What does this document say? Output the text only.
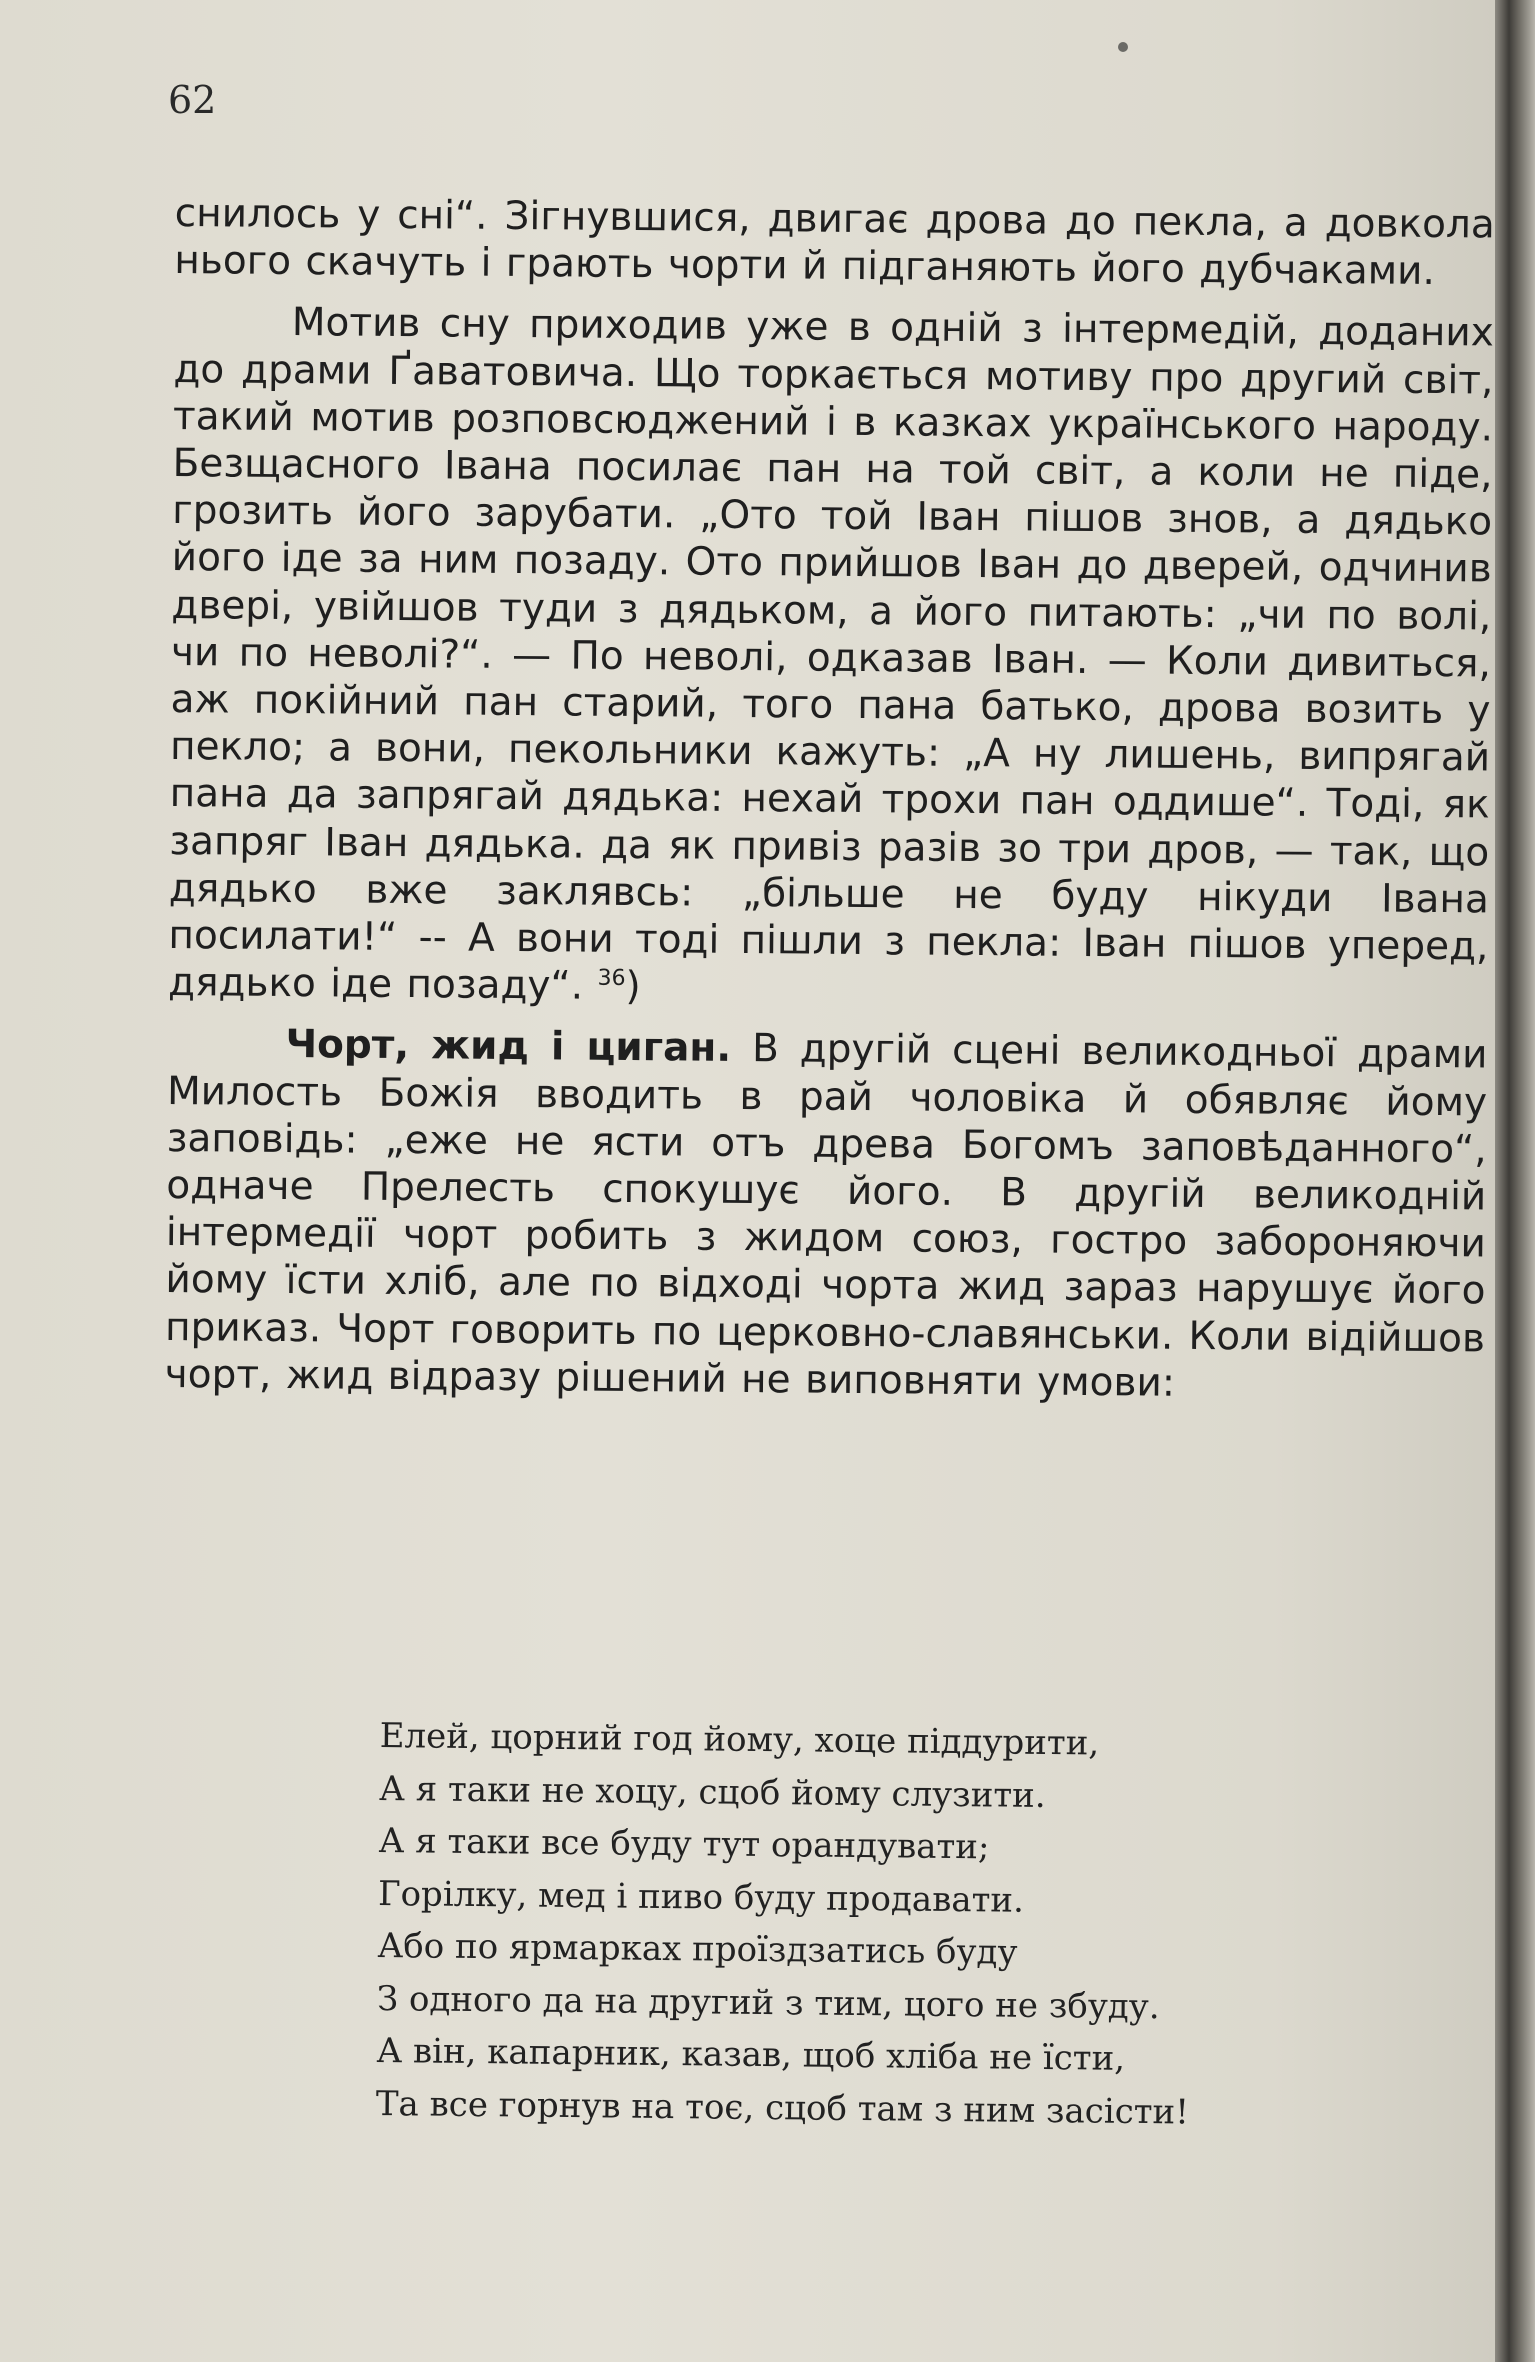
62

снилось у сні“. Зігнувшися, двигає дрова до пекла, а довкола нього скачуть і грають чорти й підганяють його дубчаками.

Мотив сну приходив уже в одній з інтермедій, доданих до драми Ґаватовича. Що торкається мотиву про другий світ, такий мотив розповсюджений і в казках українського народу. Безщасного Івана посилає пан на той світ, а коли не піде, грозить його зарубати. „Ото той Іван пішов знов, а дядько його іде за ним позаду. Ото прийшов Іван до дверей, одчинив двері, увійшов туди з дядьком, а його питають: „чи по волі, чи по неволі?“. — По неволі, одказав Іван. — Коли дивиться, аж покійний пан старий, того пана батько, дрова возить у пекло; а вони, пекольники кажуть: „А ну лишень, випрягай пана да запрягай дядька: нехай трохи пан оддише“. Тоді, як запряг Іван дядька. да як привіз разів зо три дров, — так, що дядько вже заклявсь: „більше не буду нікуди Івана посилати!“ -- А вони тоді пішли з пекла: Іван пішов уперед, дядько іде позаду“. $^{36}$)

Чорт, жид і циган. В другій сцені великодньої драми Милость Божія вводить в рай чоловіка й обявляє йому заповідь: „еже не ясти отъ древа Богомъ заповѣданного“, одначе Прелесть спокушує його. В другій великодній інтермедії чорт робить з жидом союз, гостро забороняючи йому їсти хліб, але по відході чорта жид зараз нарушує його приказ. Чорт говорить по церковно-славянськи. Коли відійшов чорт, жид відразу рішений не виповняти умови:

Елей, цорний год йому, хоце піддурити,
А я таки не хоцу, сцоб йому слузити.
А я таки все буду тут орандувати;
Горілку, мед і пиво буду продавати.
Або по ярмарках проїздзатись буду
З одного да на другий з тим, цого не збуду.
А він, капарник, казав, щоб хліба не їсти,
Та все горнув на тоє, сцоб там з ним засісти!
